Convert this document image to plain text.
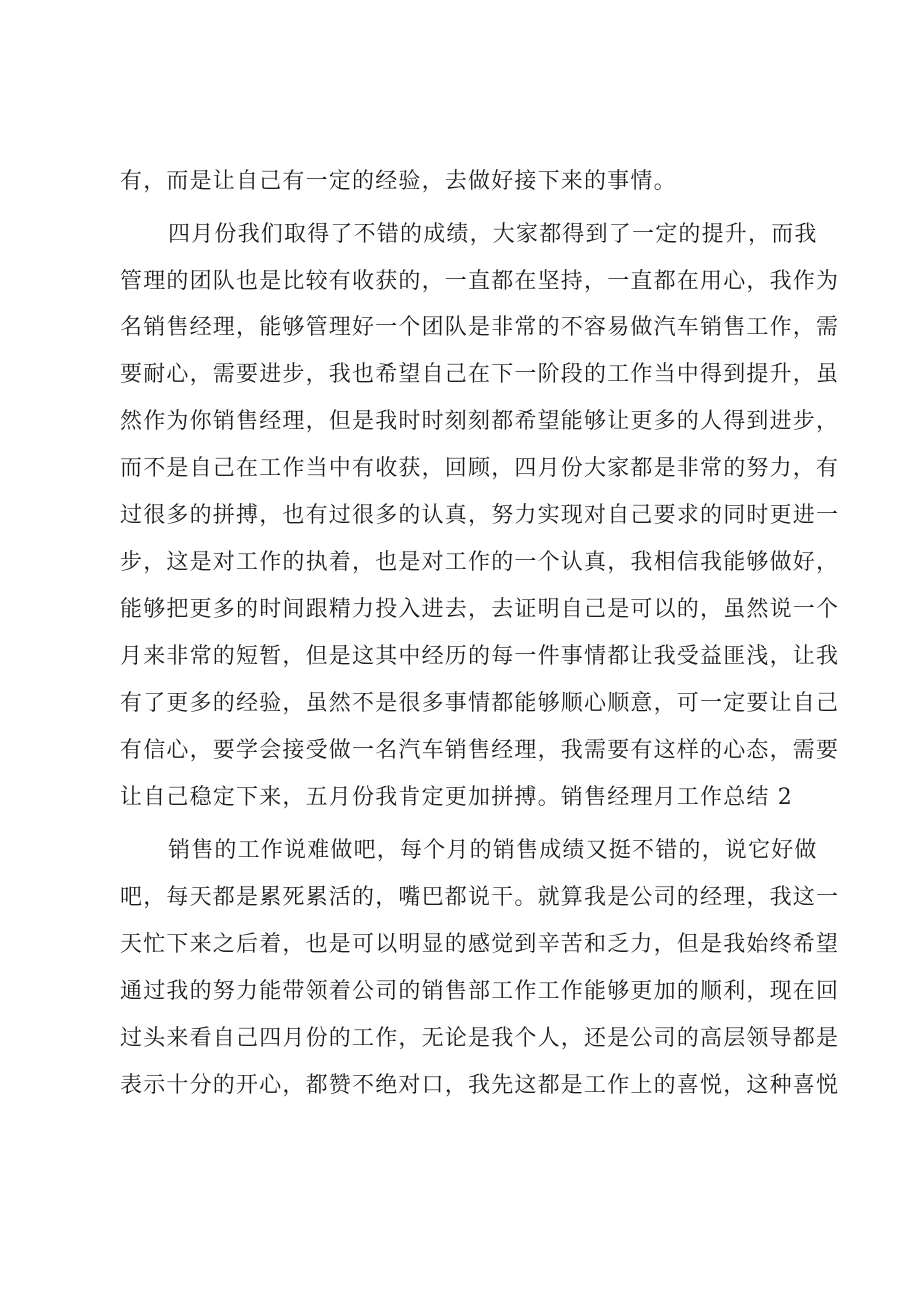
有，而是让自己有一定的经验，去做好接下来的事情。
四月份我们取得了不错的成绩，大家都得到了一定的提升，而我
管理的团队也是比较有收获的，一直都在坚持，一直都在用心，我作为
名销售经理，能够管理好一个团队是非常的不容易做汽车销售工作，需
要耐心，需要进步，我也希望自己在下一阶段的工作当中得到提升，虽
然作为你销售经理，但是我时时刻刻都希望能够让更多的人得到进步，
而不是自己在工作当中有收获，回顾，四月份大家都是非常的努力，有
过很多的拼搏，也有过很多的认真，努力实现对自己要求的同时更进一
步，这是对工作的执着，也是对工作的一个认真，我相信我能够做好，
能够把更多的时间跟精力投入进去，去证明自己是可以的，虽然说一个
月来非常的短暂，但是这其中经历的每一件事情都让我受益匪浅，让我
有了更多的经验，虽然不是很多事情都能够顺心顺意，可一定要让自己
有信心，要学会接受做一名汽车销售经理，我需要有这样的心态，需要
让自己稳定下来，五月份我肯定更加拼搏。销售经理月工作总结 2
销售的工作说难做吧，每个月的销售成绩又挺不错的，说它好做
吧，每天都是累死累活的，嘴巴都说干。就算我是公司的经理，我这一
天忙下来之后着，也是可以明显的感觉到辛苦和乏力，但是我始终希望
通过我的努力能带领着公司的销售部工作工作能够更加的顺利，现在回
过头来看自己四月份的工作，无论是我个人，还是公司的高层领导都是
表示十分的开心，都赞不绝对口，我先这都是工作上的喜悦，这种喜悦
